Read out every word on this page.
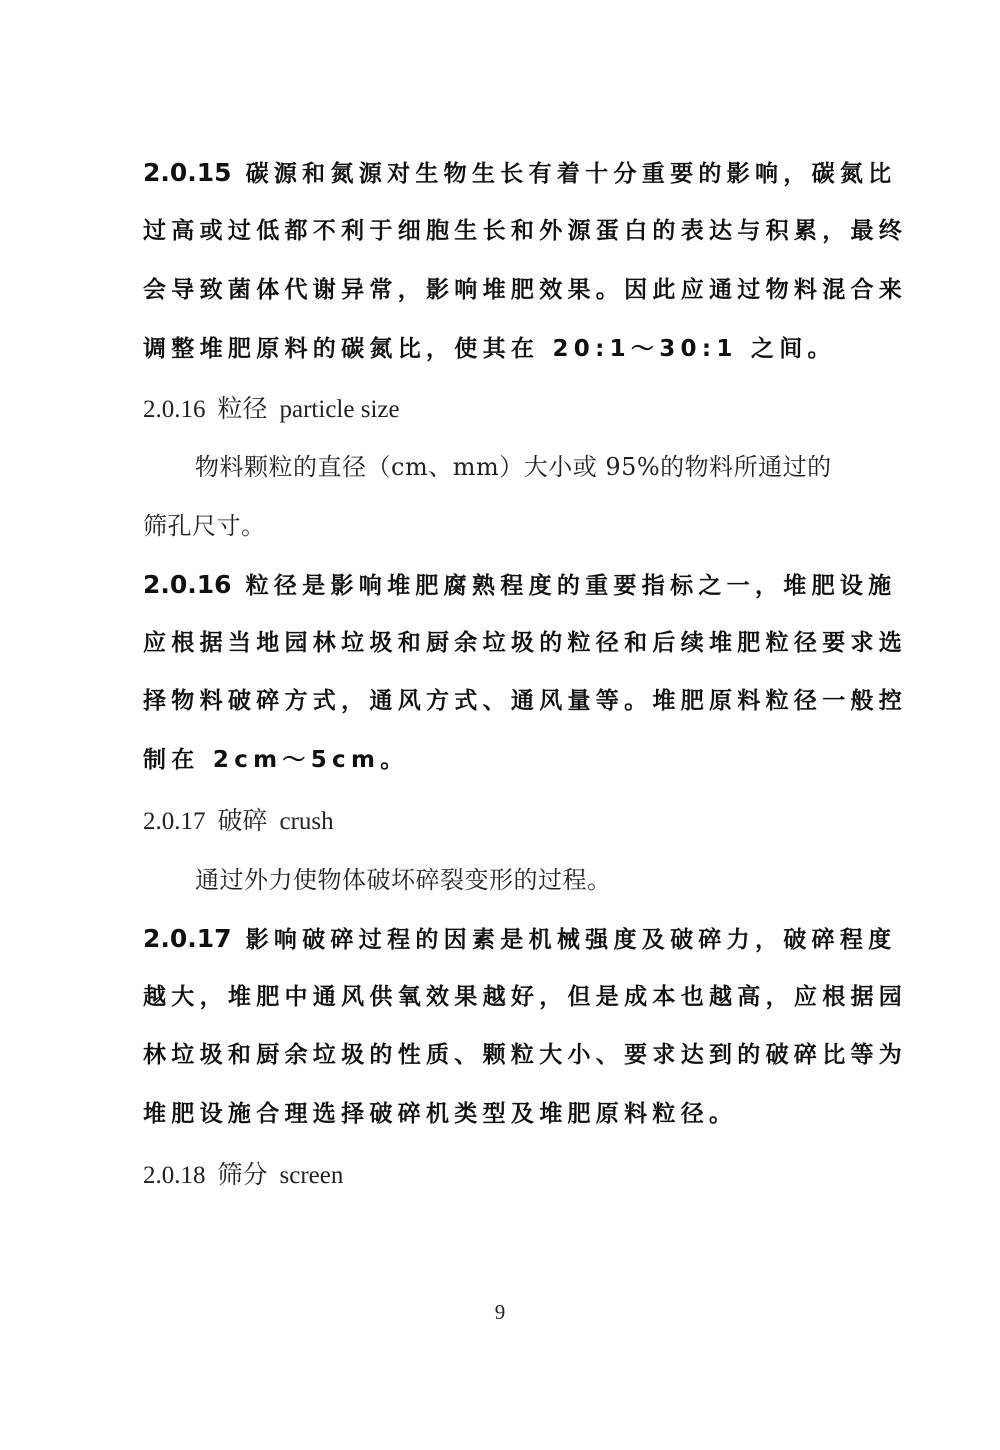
2.0.15 碳源和氮源对生物生长有着十分重要的影响，碳氮比
过高或过低都不利于细胞生长和外源蛋白的表达与积累，最终
会导致菌体代谢异常，影响堆肥效果。因此应通过物料混合来
调整堆肥原料的碳氮比，使其在 20:1～30:1 之间。
2.0.16 粒径 particle size
物料颗粒的直径（cm、mm）大小或 95%的物料所通过的
筛孔尺寸。
2.0.16 粒径是影响堆肥腐熟程度的重要指标之一，堆肥设施
应根据当地园林垃圾和厨余垃圾的粒径和后续堆肥粒径要求选
择物料破碎方式，通风方式、通风量等。堆肥原料粒径一般控
制在 2cm～5cm。
2.0.17 破碎 crush
通过外力使物体破坏碎裂变形的过程。
2.0.17 影响破碎过程的因素是机械强度及破碎力，破碎程度
越大，堆肥中通风供氧效果越好，但是成本也越高，应根据园
林垃圾和厨余垃圾的性质、颗粒大小、要求达到的破碎比等为
堆肥设施合理选择破碎机类型及堆肥原料粒径。
2.0.18 筛分 screen
9
